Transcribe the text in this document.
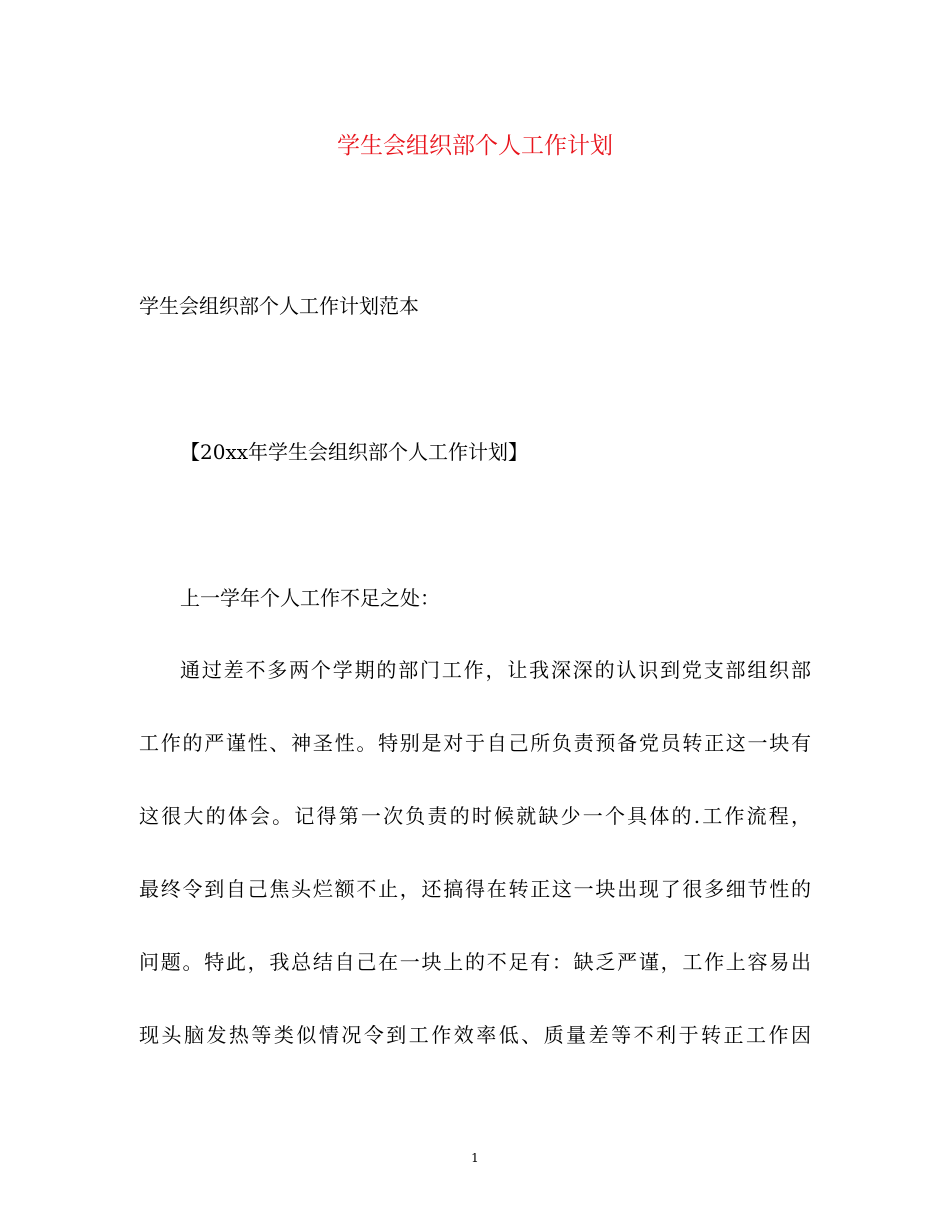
学生会组织部个人工作计划

学生会组织部个人工作计划范本

【20xx年学生会组织部个人工作计划】

上一学年个人工作不足之处：

通过差不多两个学期的部门工作，让我深深的认识到党支部组织部

工作的严谨性、神圣性。特别是对于自己所负责预备党员转正这一块有

这很大的体会。记得第一次负责的时候就缺少一个具体的.工作流程，

最终令到自己焦头烂额不止，还搞得在转正这一块出现了很多细节性的

问题。特此，我总结自己在一块上的不足有：缺乏严谨，工作上容易出

现头脑发热等类似情况令到工作效率低、质量差等不利于转正工作因

1
